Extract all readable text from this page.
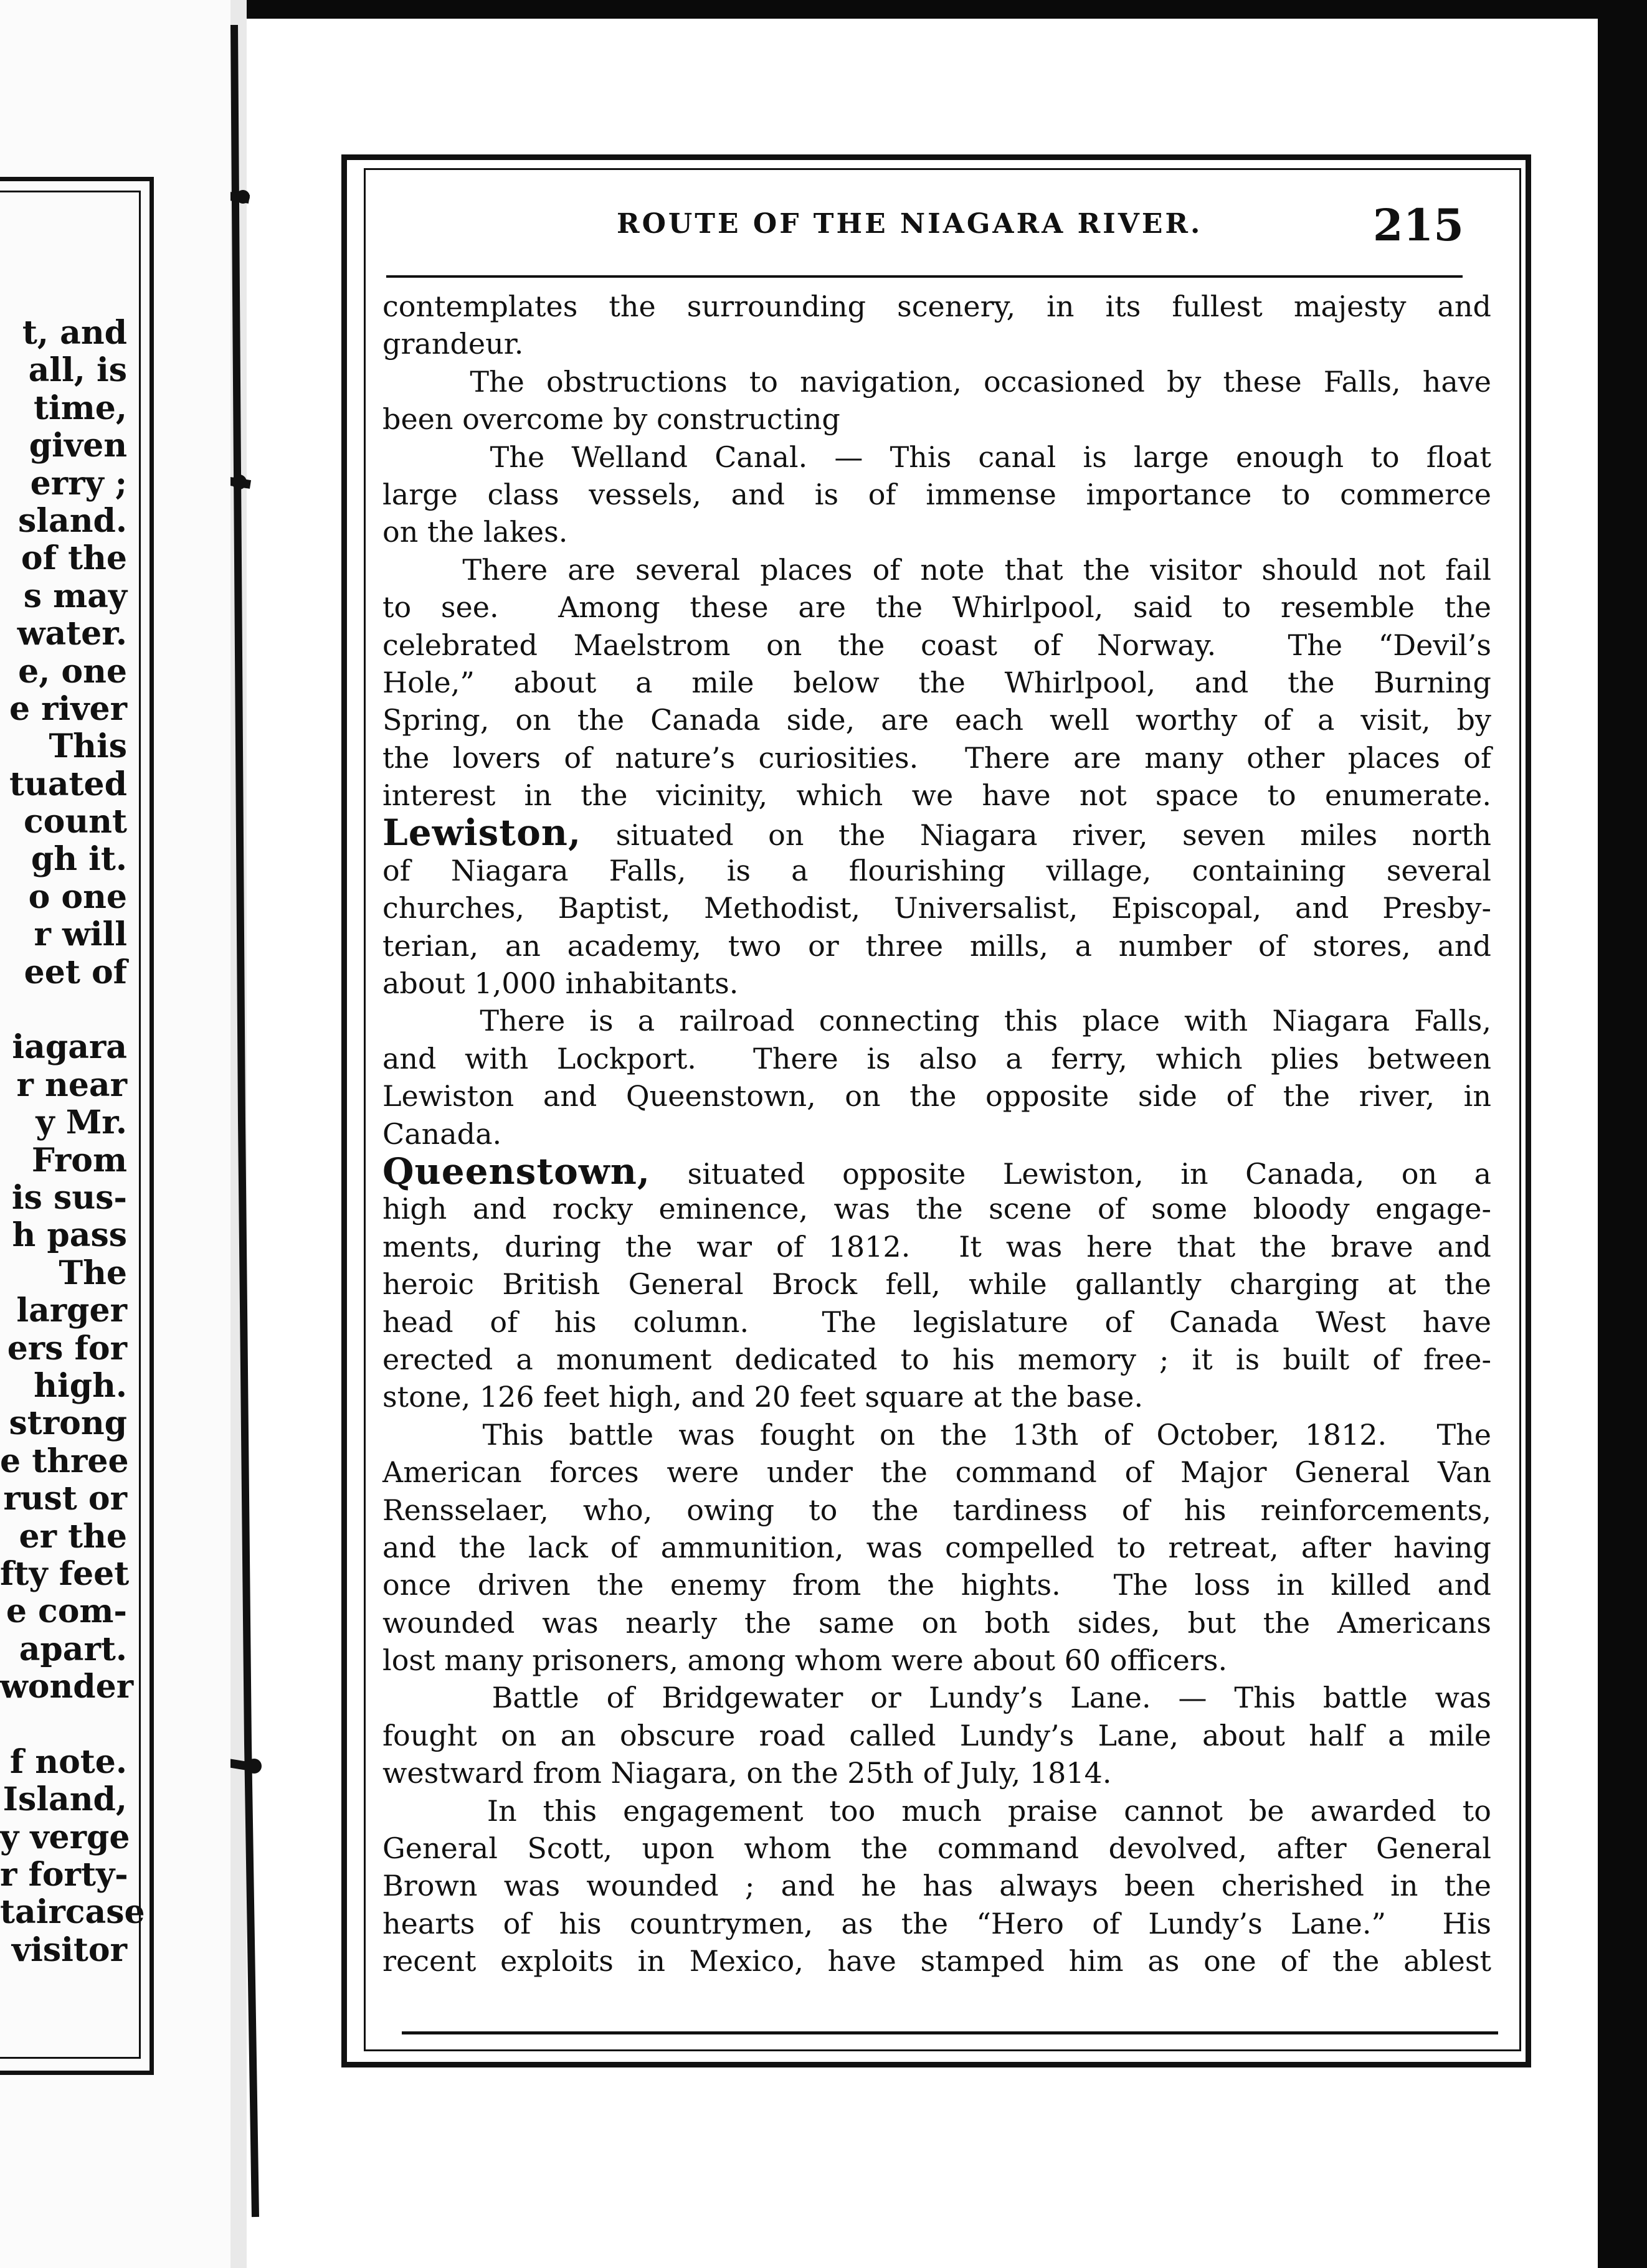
t, and
all, is
time,
given
erry ;
sland.
of the
s may
water.
e, one
e river
This
tuated
count
gh it.
o one
r will
eet of
iagara
r near
y Mr.
From
is sus-
h pass
The
larger
ers for
high.
strong
e three
rust or
er the
fty feet
e com-
apart.
wonder
f note.
Island,
y verge
r forty-
taircase
visitor
ROUTE OF THE NIAGARA RIVER.	215
contemplates the surrounding scenery, in its fullest majesty and
grandeur.
The obstructions to navigation, occasioned by these Falls, have
been overcome by constructing
The Welland Canal. — This canal is large enough to float
large class vessels, and is of immense importance to commerce
on the lakes.
There are several places of note that the visitor should not fail
to see.  Among these are the Whirlpool, said to resemble the
celebrated Maelstrom on the coast of Norway.  The “Devil’s
Hole,” about a mile below the Whirlpool, and the Burning
Spring, on the Canada side, are each well worthy of a visit, by
the lovers of nature’s curiosities.  There are many other places of
interest in the vicinity, which we have not space to enumerate.
Lewiston, situated on the Niagara river, seven miles north
of Niagara Falls, is a flourishing village, containing several
churches, Baptist, Methodist, Universalist, Episcopal, and Presby-
terian, an academy, two or three mills, a number of stores, and
about 1,000 inhabitants.
There is a railroad connecting this place with Niagara Falls,
and with Lockport.  There is also a ferry, which plies between
Lewiston and Queenstown, on the opposite side of the river, in
Canada.
Queenstown, situated opposite Lewiston, in Canada, on a
high and rocky eminence, was the scene of some bloody engage-
ments, during the war of 1812.  It was here that the brave and
heroic British General Brock fell, while gallantly charging at the
head of his column.  The legislature of Canada West have
erected a monument dedicated to his memory ; it is built of free-
stone, 126 feet high, and 20 feet square at the base.
This battle was fought on the 13th of October, 1812.  The
American forces were under the command of Major General Van
Rensselaer, who, owing to the tardiness of his reinforcements,
and the lack of ammunition, was compelled to retreat, after having
once driven the enemy from the hights.  The loss in killed and
wounded was nearly the same on both sides, but the Americans
lost many prisoners, among whom were about 60 officers.
Battle of Bridgewater or Lundy’s Lane. — This battle was
fought on an obscure road called Lundy’s Lane, about half a mile
westward from Niagara, on the 25th of July, 1814.
In this engagement too much praise cannot be awarded to
General Scott, upon whom the command devolved, after General
Brown was wounded ; and he has always been cherished in the
hearts of his countrymen, as the “Hero of Lundy’s Lane.”  His
recent exploits in Mexico, have stamped him as one of the ablest
